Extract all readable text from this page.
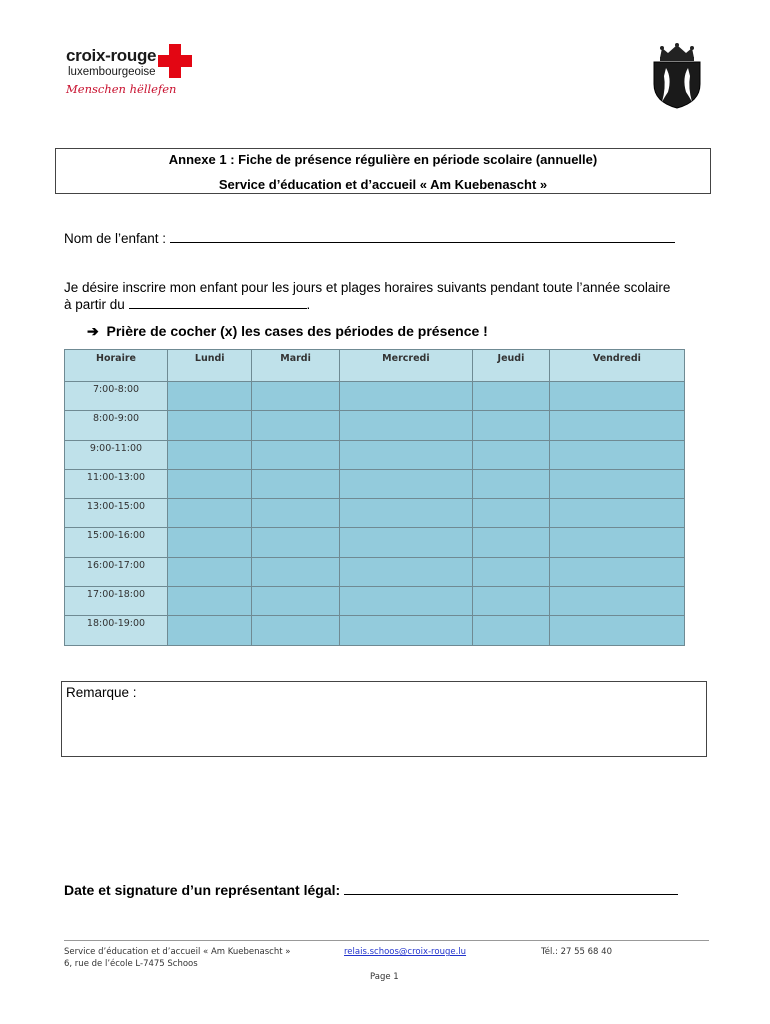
croix-rouge
luxembourgeoise
Menschen hëllefen
Annexe 1 : Fiche de présence régulière en période scolaire (annuelle)
Service d’éducation et d’accueil « Am Kuebenascht »
Nom de l’enfant :
Je désire inscrire mon enfant pour les jours et plages horaires suivants pendant toute l’année scolaire
à partir du	.
➔ Prière de cocher (x) les cases des périodes de présence !
Horaire	Lundi	Mardi	Mercredi	Jeudi	Vendredi
7:00-8:00					
8:00-9:00					
9:00-11:00					
11:00-13:00					
13:00-15:00					
15:00-16:00					
16:00-17:00					
17:00-18:00					
18:00-19:00					
Remarque :
Date et signature d’un représentant légal:
Service d’éducation et d’accueil « Am Kuebenascht »
6, rue de l’école L-7475 Schoos
relais.schoos@croix-rouge.lu	Tél.: 27 55 68 40
Page 1
